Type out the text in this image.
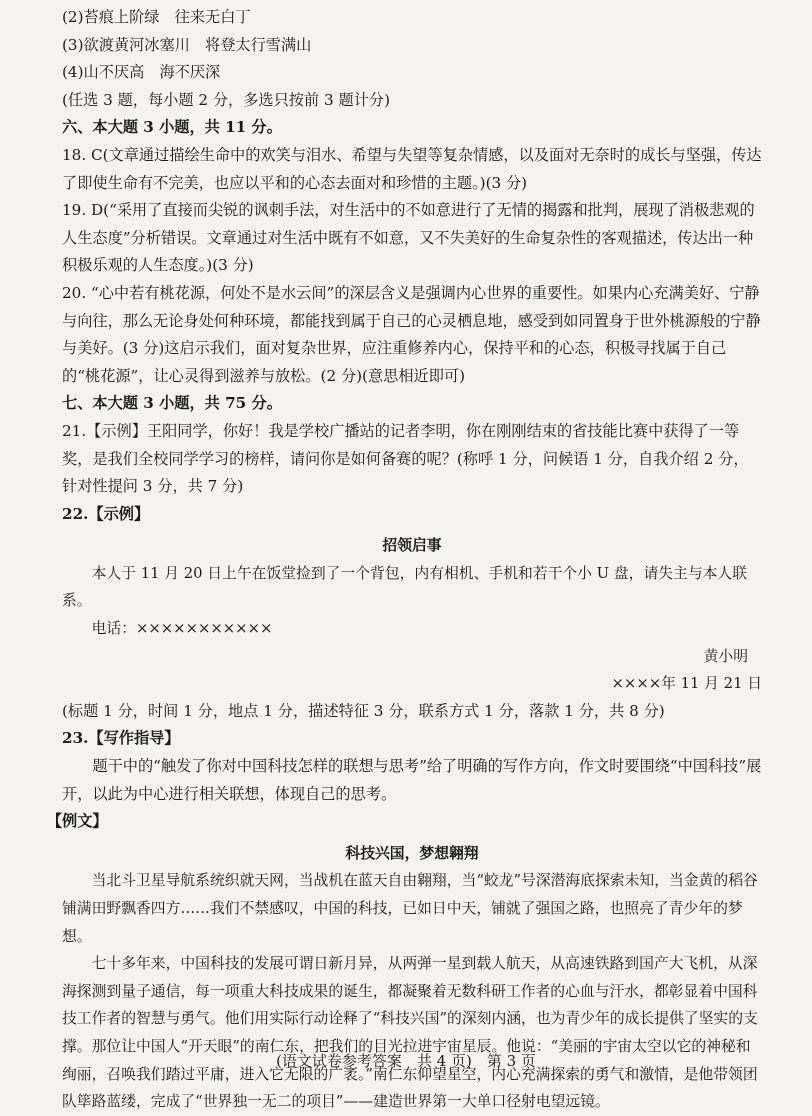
(2)苔痕上阶绿　往来无白丁

(3)欲渡黄河冰塞川　将登太行雪满山

(4)山不厌高　海不厌深

(任选 3 题，每小题 2 分，多选只按前 3 题计分)

六、本大题 3 小题，共 11 分。

18. C(文章通过描绘生命中的欢笑与泪水、希望与失望等复杂情感，以及面对无奈时的成长与坚强，传达了即使生命有不完美，也应以平和的心态去面对和珍惜的主题。)(3 分)

19. D(“采用了直接而尖锐的讽刺手法，对生活中的不如意进行了无情的揭露和批判，展现了消极悲观的人生态度”分析错误。文章通过对生活中既有不如意，又不失美好的生命复杂性的客观描述，传达出一种积极乐观的人生态度。)(3 分)

20. “心中若有桃花源，何处不是水云间”的深层含义是强调内心世界的重要性。如果内心充满美好、宁静与向往，那么无论身处何种环境，都能找到属于自己的心灵栖息地，感受到如同置身于世外桃源般的宁静与美好。(3 分)这启示我们，面对复杂世界，应注重修养内心，保持平和的心态，积极寻找属于自己的“桃花源”，让心灵得到滋养与放松。(2 分)(意思相近即可)

七、本大题 3 小题，共 75 分。

21.【示例】王阳同学，你好！我是学校广播站的记者李明，你在刚刚结束的省技能比赛中获得了一等奖，是我们全校同学学习的榜样，请问你是如何备赛的呢？(称呼 1 分，问候语 1 分，自我介绍 2 分，针对性提问 3 分，共 7 分)

22.【示例】

招领启事

本人于 11 月 20 日上午在饭堂捡到了一个背包，内有相机、手机和若干个小 U 盘，请失主与本人联系。

电话：×××××××××××

黄小明

××××年 11 月 21 日

(标题 1 分，时间 1 分，地点 1 分，描述特征 3 分，联系方式 1 分，落款 1 分，共 8 分)

23.【写作指导】

题干中的“触发了你对中国科技怎样的联想与思考”给了明确的写作方向，作文时要围绕“中国科技”展开，以此为中心进行相关联想，体现自己的思考。

【例文】

科技兴国，梦想翱翔

当北斗卫星导航系统织就天网，当战机在蓝天自由翱翔，当“蛟龙”号深潜海底探索未知，当金黄的稻谷铺满田野飘香四方……我们不禁感叹，中国的科技，已如日中天，铺就了强国之路，也照亮了青少年的梦想。

七十多年来，中国科技的发展可谓日新月异，从两弹一星到载人航天，从高速铁路到国产大飞机，从深海探测到量子通信，每一项重大科技成果的诞生，都凝聚着无数科研工作者的心血与汗水，都彰显着中国科技工作者的智慧与勇气。他们用实际行动诠释了“科技兴国”的深刻内涵，也为青少年的成长提供了坚实的支撑。那位让中国人“开天眼”的南仁东，把我们的目光拉进宇宙星辰。他说：“美丽的宇宙太空以它的神秘和绚丽，召唤我们踏过平庸，进入它无限的广袤。”南仁东仰望星空，内心充满探索的勇气和激情，是他带领团队筚路蓝缕，完成了“世界独一无二的项目”——建造世界第一大单口径射电望远镜。

(语文试卷参考答案　共 4 页)　第 3 页
